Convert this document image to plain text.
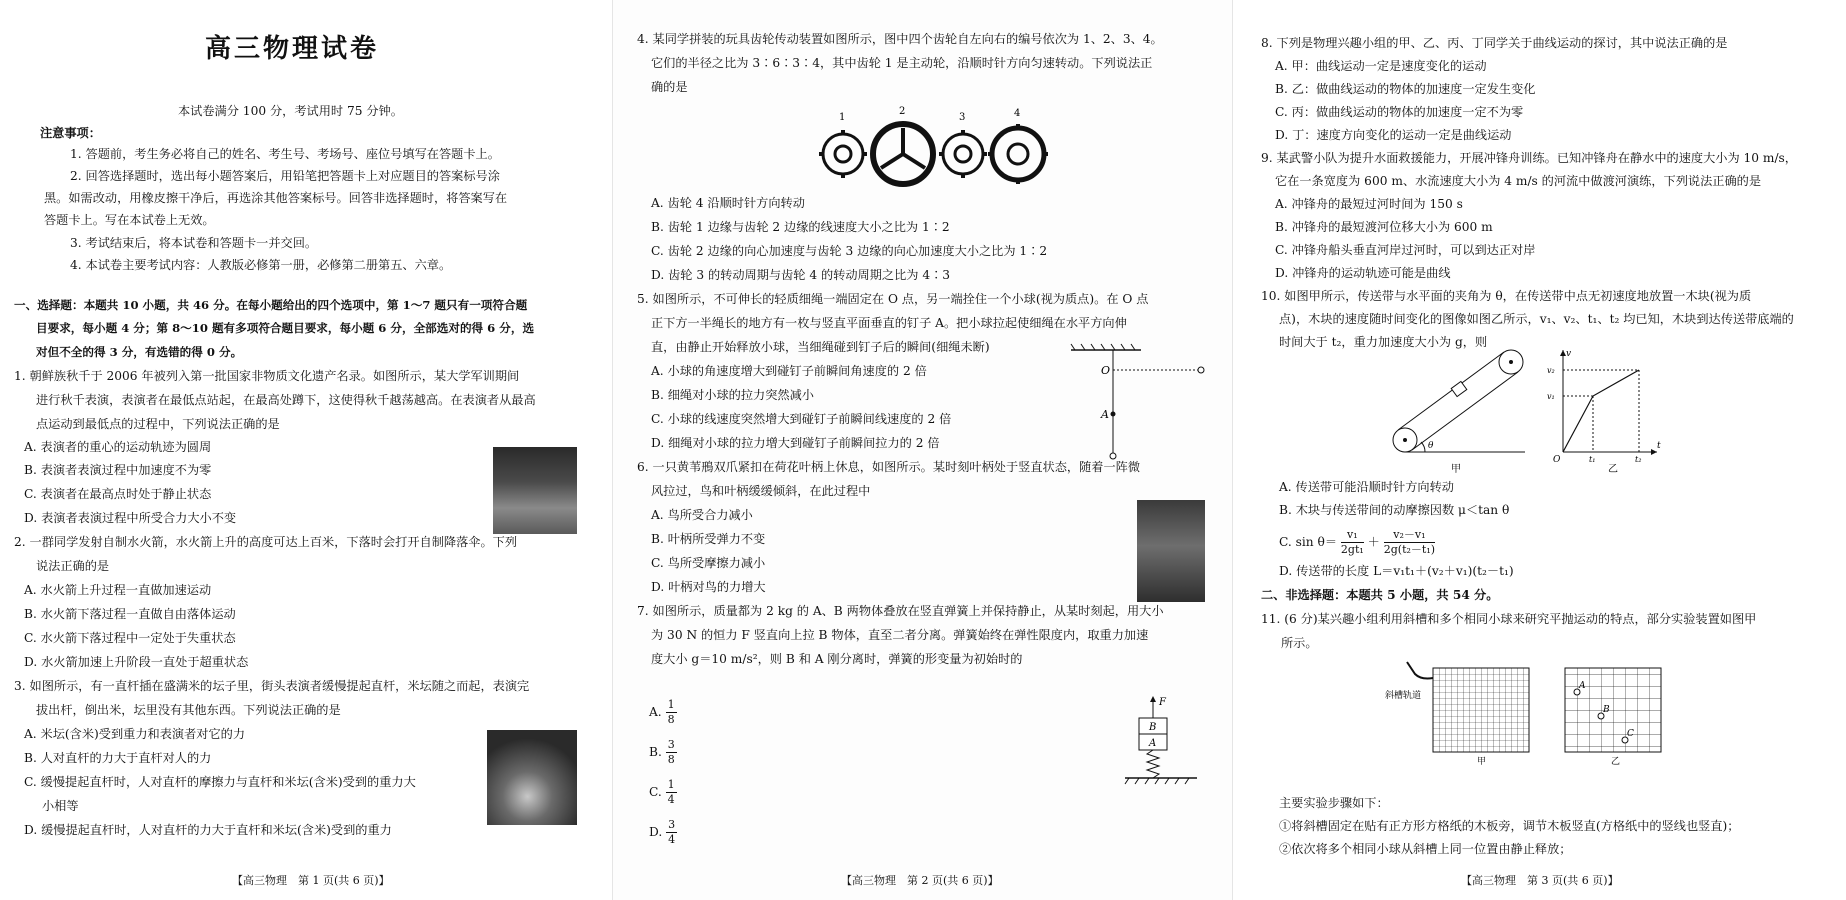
高三物理试卷
本试卷满分 100 分，考试用时 75 分钟。
注意事项：
1. 答题前，考生务必将自己的姓名、考生号、考场号、座位号填写在答题卡上。
2. 回答选择题时，选出每小题答案后，用铅笔把答题卡上对应题目的答案标号涂
黑。如需改动，用橡皮擦干净后，再选涂其他答案标号。回答非选择题时，将答案写在
答题卡上。写在本试卷上无效。
3. 考试结束后，将本试卷和答题卡一并交回。
4. 本试卷主要考试内容：人教版必修第一册，必修第二册第五、六章。
一、选择题：本题共 10 小题，共 46 分。在每小题给出的四个选项中，第 1～7 题只有一项符合题
目要求，每小题 4 分；第 8～10 题有多项符合题目要求，每小题 6 分，全部选对的得 6 分，选
对但不全的得 3 分，有选错的得 0 分。
1. 朝鲜族秋千于 2006 年被列入第一批国家非物质文化遗产名录。如图所示，某大学军训期间
进行秋千表演，表演者在最低点站起，在最高处蹲下，这使得秋千越荡越高。在表演者从最高
点运动到最低点的过程中，下列说法正确的是
A. 表演者的重心的运动轨迹为圆周
B. 表演者表演过程中加速度不为零
C. 表演者在最高点时处于静止状态
D. 表演者表演过程中所受合力大小不变
2. 一群同学发射自制水火箭，水火箭上升的高度可达上百米，下落时会打开自制降落伞。下列
说法正确的是
A. 水火箭上升过程一直做加速运动
B. 水火箭下落过程一直做自由落体运动
C. 水火箭下落过程中一定处于失重状态
D. 水火箭加速上升阶段一直处于超重状态
3. 如图所示，有一直杆插在盛满米的坛子里，街头表演者缓慢提起直杆，米坛随之而起，表演完
拔出杆，倒出米，坛里没有其他东西。下列说法正确的是
A. 米坛(含米)受到重力和表演者对它的力
B. 人对直杆的力大于直杆对人的力
C. 缓慢提起直杆时，人对直杆的摩擦力与直杆和米坛(含米)受到的重力大
小相等
D. 缓慢提起直杆时，人对直杆的力大于直杆和米坛(含米)受到的重力
【高三物理　第 1 页(共 6 页)】
4. 某同学拼装的玩具齿轮传动装置如图所示，图中四个齿轮自左向右的编号依次为 1、2、3、4。
它们的半径之比为 3∶6∶3∶4，其中齿轮 1 是主动轮，沿顺时针方向匀速转动。下列说法正
确的是
1
2
3	4
A. 齿轮 4 沿顺时针方向转动
B. 齿轮 1 边缘与齿轮 2 边缘的线速度大小之比为 1∶2
C. 齿轮 2 边缘的向心加速度与齿轮 3 边缘的向心加速度大小之比为 1∶2
D. 齿轮 3 的转动周期与齿轮 4 的转动周期之比为 4∶3
5. 如图所示，不可伸长的轻质细绳一端固定在 O 点，另一端拴住一个小球(视为质点)。在 O 点
正下方一半绳长的地方有一枚与竖直平面垂直的钉子 A。把小球拉起使细绳在水平方向伸
直，由静止开始释放小球，当细绳碰到钉子后的瞬间(细绳未断)
A. 小球的角速度增大到碰钉子前瞬间角速度的 2 倍
B. 细绳对小球的拉力突然减小
C. 小球的线速度突然增大到碰钉子前瞬间线速度的 2 倍
D. 细绳对小球的拉力增大到碰钉子前瞬间拉力的 2 倍
O
A
6. 一只黄苇鳽双爪紧扣在荷花叶柄上休息，如图所示。某时刻叶柄处于竖直状态，随着一阵微
风拉过，鸟和叶柄缓缓倾斜，在此过程中
A. 鸟所受合力减小
B. 叶柄所受弹力不变
C. 鸟所受摩擦力减小
D. 叶柄对鸟的力增大
7. 如图所示，质量都为 2 kg 的 A、B 两物体叠放在竖直弹簧上并保持静止，从某时刻起，用大小
为 30 N 的恒力 F 竖直向上拉 B 物体，直至二者分离。弹簧始终在弹性限度内，取重力加速
度大小 g＝10 m/s²，则 B 和 A 刚分离时，弹簧的形变量为初始时的
A. $\frac{1}{8}$
B. $\frac{3}{8}$
C. $\frac{1}{4}$
D. $\frac{3}{4}$
F
B
A
【高三物理　第 2 页(共 6 页)】
8. 下列是物理兴趣小组的甲、乙、丙、丁同学关于曲线运动的探讨，其中说法正确的是
A. 甲：曲线运动一定是速度变化的运动
B. 乙：做曲线运动的物体的加速度一定发生变化
C. 丙：做曲线运动的物体的加速度一定不为零
D. 丁：速度方向变化的运动一定是曲线运动
9. 某武警小队为提升水面救援能力，开展冲锋舟训练。已知冲锋舟在静水中的速度大小为 10 m/s，
它在一条宽度为 600 m、水流速度大小为 4 m/s 的河流中做渡河演练，下列说法正确的是
A. 冲锋舟的最短过河时间为 150 s
B. 冲锋舟的最短渡河位移大小为 600 m
C. 冲锋舟船头垂直河岸过河时，可以到达正对岸
D. 冲锋舟的运动轨迹可能是曲线
10. 如图甲所示，传送带与水平面的夹角为 θ，在传送带中点无初速度地放置一木块(视为质
点)，木块的速度随时间变化的图像如图乙所示，v₁、v₂、t₁、t₂ 均已知，木块到达传送带底端的
时间大于 t₂，重力加速度大小为 g，则
θ
甲
v
v₂
v₁
O	t₁	t₂
t
乙
A. 传送带可能沿顺时针方向转动
B. 木块与传送带间的动摩擦因数 μ＜tan θ
C. $\sin \theta= \frac{\text{v₁}}{\text{2gt₁}} + \frac{\text{v₂－v₁}}{\text{2g(t₂－t₁)}}$
D. 传送带的长度 L＝v₁t₁＋(v₂＋v₁)(t₂－t₁)
二、非选择题：本题共 5 小题，共 54 分。
11. (6 分)某兴趣小组利用斜槽和多个相同小球来研究平抛运动的特点，部分实验装置如图甲
所示。
斜槽轨道
甲
A
B
C
乙
主要实验步骤如下：
①将斜槽固定在贴有正方形方格纸的木板旁，调节木板竖直(方格纸中的竖线也竖直)；
②依次将多个相同小球从斜槽上同一位置由静止释放；
【高三物理　第 3 页(共 6 页)】
